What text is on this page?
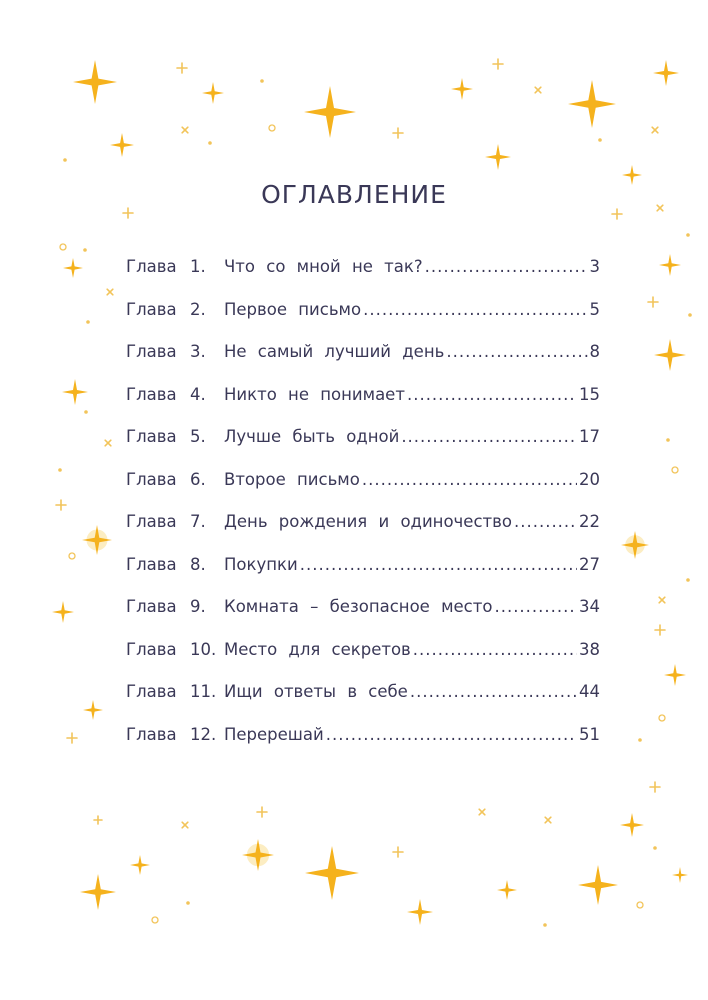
ОГЛАВЛЕНИЕ
Глава 1.	Что со мной не так? .....	3
Глава 2.	Первое письмо .....	5
Глава 3.	Не самый лучший день .....	8
Глава 4.	Никто не понимает .....	15
Глава 5.	Лучше быть одной .....	17
Глава 6.	Второе письмо .....	20
Глава 7.	День рождения и одиночество .....	22
Глава 8.	Покупки .....	27
Глава 9.	Комната – безопасное место .....	34
Глава 10. Место для секретов .....	38
Глава 11. Ищи ответы в себе .....	44
Глава 12. Перерешай .....	51
